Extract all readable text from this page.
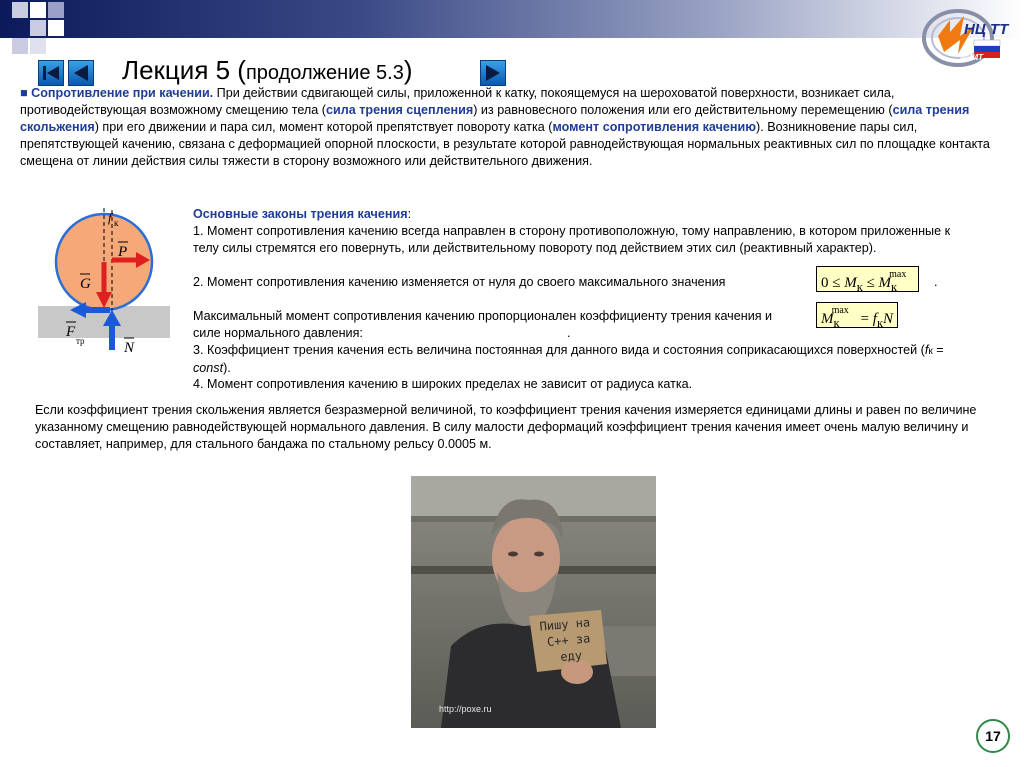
НЦ ТТ
МИИТ
Лекция 5 (продолжение 5.3)
■ Сопротивление при качении. При действии сдвигающей силы, приложенной к катку, покоящемуся на шероховатой поверхности, возникает сила, противодействующая возможному смещению тела (сила трения сцепления) из равновесного положения или его действительному перемещению (сила трения скольжения) при его движении и пара сил, момент которой препятствует повороту катка (момент сопротивления качению). Возникновение пары сил, препятствующей качению, связана с деформацией опорной плоскости, в результате которой равнодействующая нормальных реактивных сил по площадке контакта смещена от линии действия силы тяжести в сторону возможного или действительного движения.
f к
P
G
F
тр	N
Основные законы трения качения:
1. Момент сопротивления качению всегда направлен в сторону противоположную, тому направлению, в котором приложенные к телу силы стремятся его повернуть, или действительному повороту под действием этих сил (реактивный характер).
2. Момент сопротивления качению изменяется от нуля до своего максимального значения	.
$0 \le M_к \le M_к^{max}$
Максимальный момент сопротивления качению пропорционален коэффициенту трения качения и силе нормального давления:	.
$M_к^{max} = f_кN$
3. Коэффициент трения качения есть величина постоянная для данного вида и состояния соприкасающихся поверхностей (fк = const).
4. Момент сопротивления качению в широких пределах не зависит от радиуса катка.
Если коэффициент трения скольжения является безразмерной величиной, то коэффициент трения качения измеряется единицами длины и равен по величине указанному смещению равнодействующей нормального давления. В силу малости деформаций коэффициент трения качения имеет очень малую величину и составляет, например, для стального бандажа по стальному рельсу 0.0005 м.
Пишу на
С++ за
еду
http://poxe.ru
17
